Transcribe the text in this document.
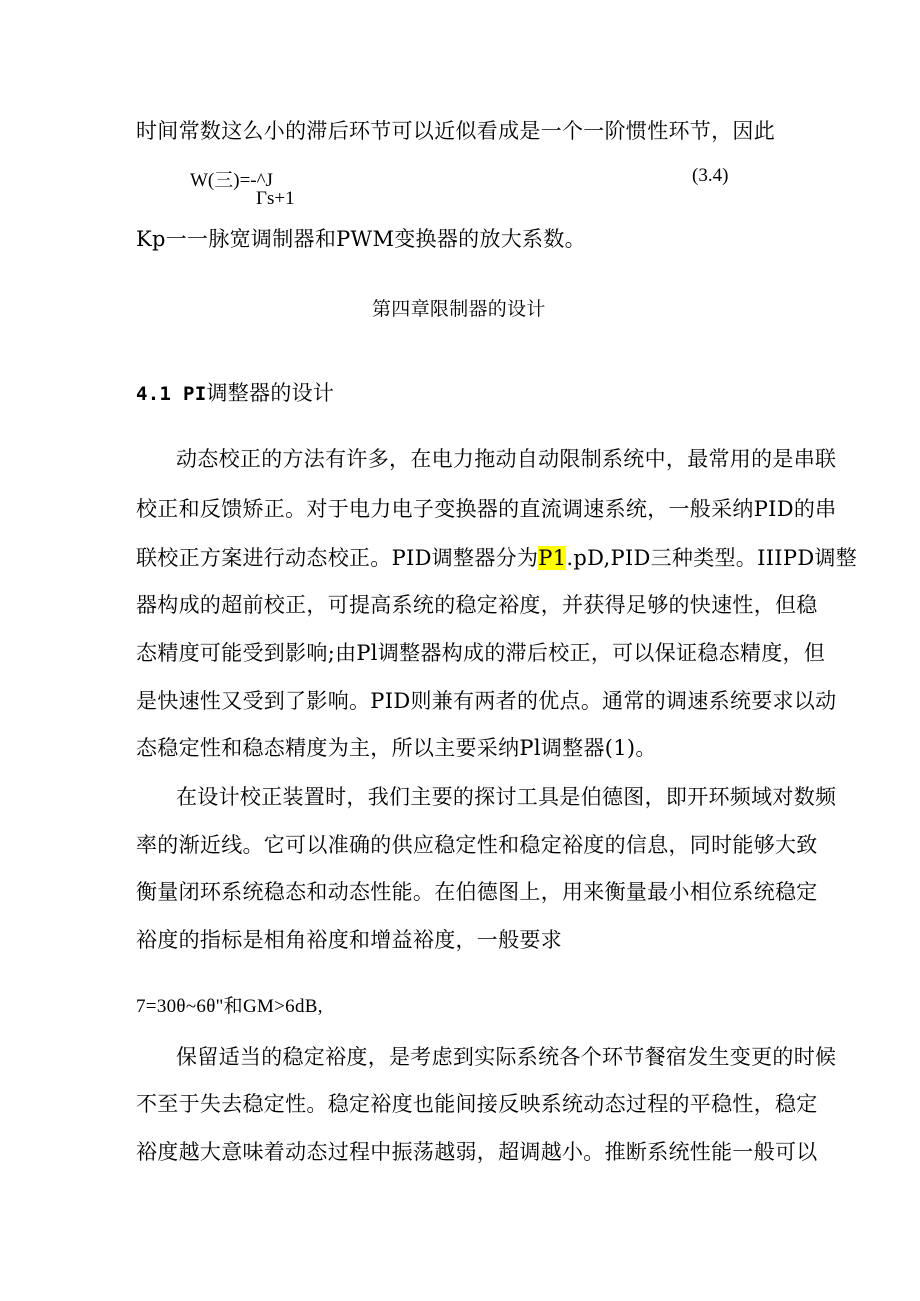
时间常数这么小的滞后环节可以近似看成是一个一阶惯性环节，因此
W(三)=-^J
Γs+1
(3.4)
Kp一一脉宽调制器和PWM变换器的放大系数。
第四章限制器的设计
4.1 PI调整器的设计
动态校正的方法有许多，在电力拖动自动限制系统中，最常用的是串联
校正和反馈矫正。对于电力电子变换器的直流调速系统，一般采纳PID的串
联校正方案进行动态校正。PID调整器分为P1.pD,PID三种类型。IIIPD调整
器构成的超前校正，可提高系统的稳定裕度，并获得足够的快速性，但稳
态精度可能受到影响;由Pl调整器构成的滞后校正，可以保证稳态精度，但
是快速性又受到了影响。PID则兼有两者的优点。通常的调速系统要求以动
态稳定性和稳态精度为主，所以主要采纳Pl调整器(1)。
在设计校正装置时，我们主要的探讨工具是伯德图，即开环频域对数频
率的渐近线。它可以准确的供应稳定性和稳定裕度的信息，同时能够大致
衡量闭环系统稳态和动态性能。在伯德图上，用来衡量最小相位系统稳定
裕度的指标是相角裕度和增益裕度，一般要求
7=30θ~6θ"和GM>6dB,
保留适当的稳定裕度，是考虑到实际系统各个环节餐宿发生变更的时候
不至于失去稳定性。稳定裕度也能间接反映系统动态过程的平稳性，稳定
裕度越大意味着动态过程中振荡越弱，超调越小。推断系统性能一般可以
